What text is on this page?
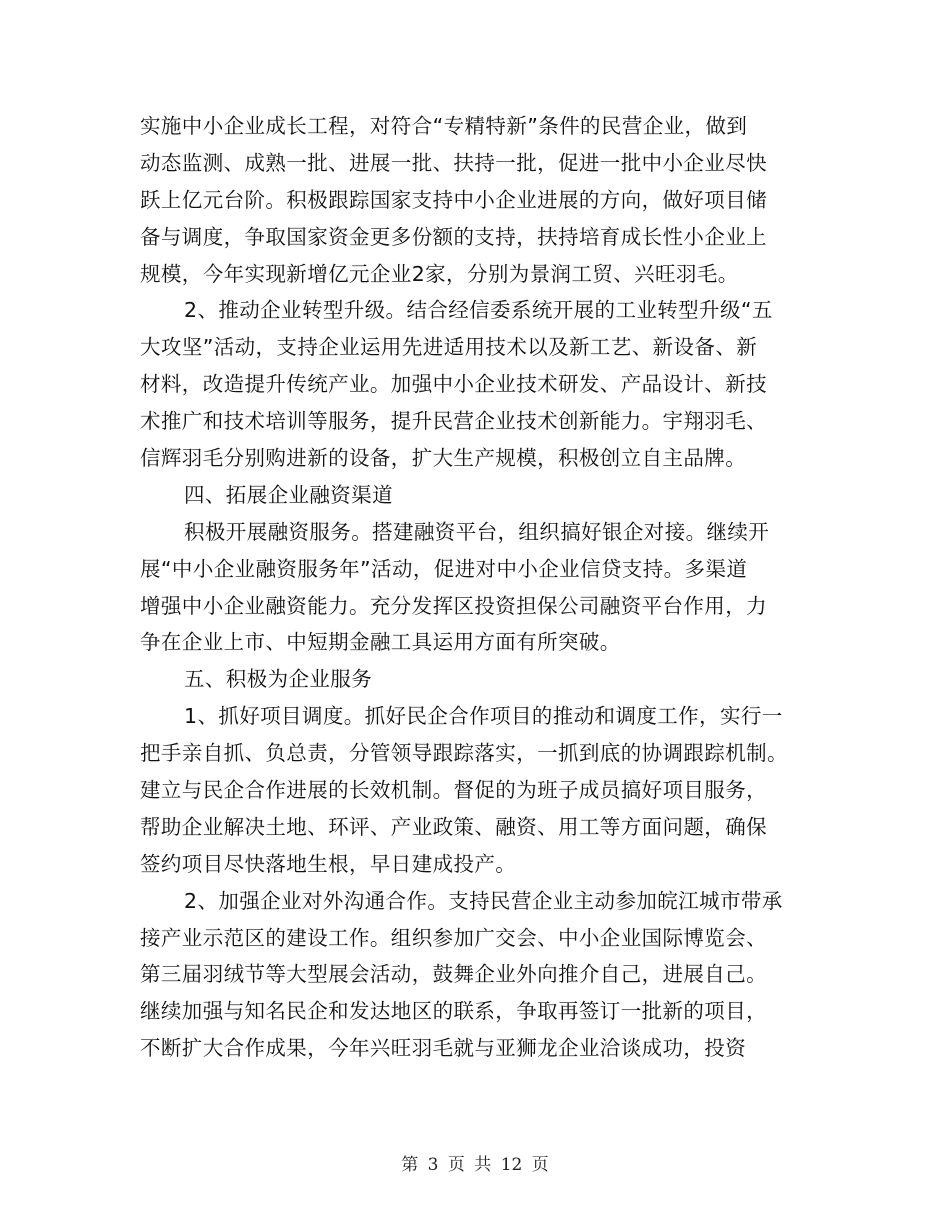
实施中小企业成长工程，对符合“专精特新”条件的民营企业，做到
动态监测、成熟一批、进展一批、扶持一批，促进一批中小企业尽快
跃上亿元台阶。积极跟踪国家支持中小企业进展的方向，做好项目储
备与调度，争取国家资金更多份额的支持，扶持培育成长性小企业上
规模，今年实现新增亿元企业2家，分别为景润工贸、兴旺羽毛。
2、推动企业转型升级。结合经信委系统开展的工业转型升级“五
大攻坚”活动，支持企业运用先进适用技术以及新工艺、新设备、新
材料，改造提升传统产业。加强中小企业技术研发、产品设计、新技
术推广和技术培训等服务，提升民营企业技术创新能力。宇翔羽毛、
信辉羽毛分别购进新的设备，扩大生产规模，积极创立自主品牌。
四、拓展企业融资渠道
积极开展融资服务。搭建融资平台，组织搞好银企对接。继续开
展“中小企业融资服务年”活动，促进对中小企业信贷支持。多渠道
增强中小企业融资能力。充分发挥区投资担保公司融资平台作用，力
争在企业上市、中短期金融工具运用方面有所突破。
五、积极为企业服务
1、抓好项目调度。抓好民企合作项目的推动和调度工作，实行一
把手亲自抓、负总责，分管领导跟踪落实，一抓到底的协调跟踪机制。
建立与民企合作进展的长效机制。督促的为班子成员搞好项目服务，
帮助企业解决土地、环评、产业政策、融资、用工等方面问题，确保
签约项目尽快落地生根，早日建成投产。
2、加强企业对外沟通合作。支持民营企业主动参加皖江城市带承
接产业示范区的建设工作。组织参加广交会、中小企业国际博览会、
第三届羽绒节等大型展会活动，鼓舞企业外向推介自己，进展自己。
继续加强与知名民企和发达地区的联系，争取再签订一批新的项目，
不断扩大合作成果，今年兴旺羽毛就与亚狮龙企业洽谈成功，投资
第 3 页 共 12 页
